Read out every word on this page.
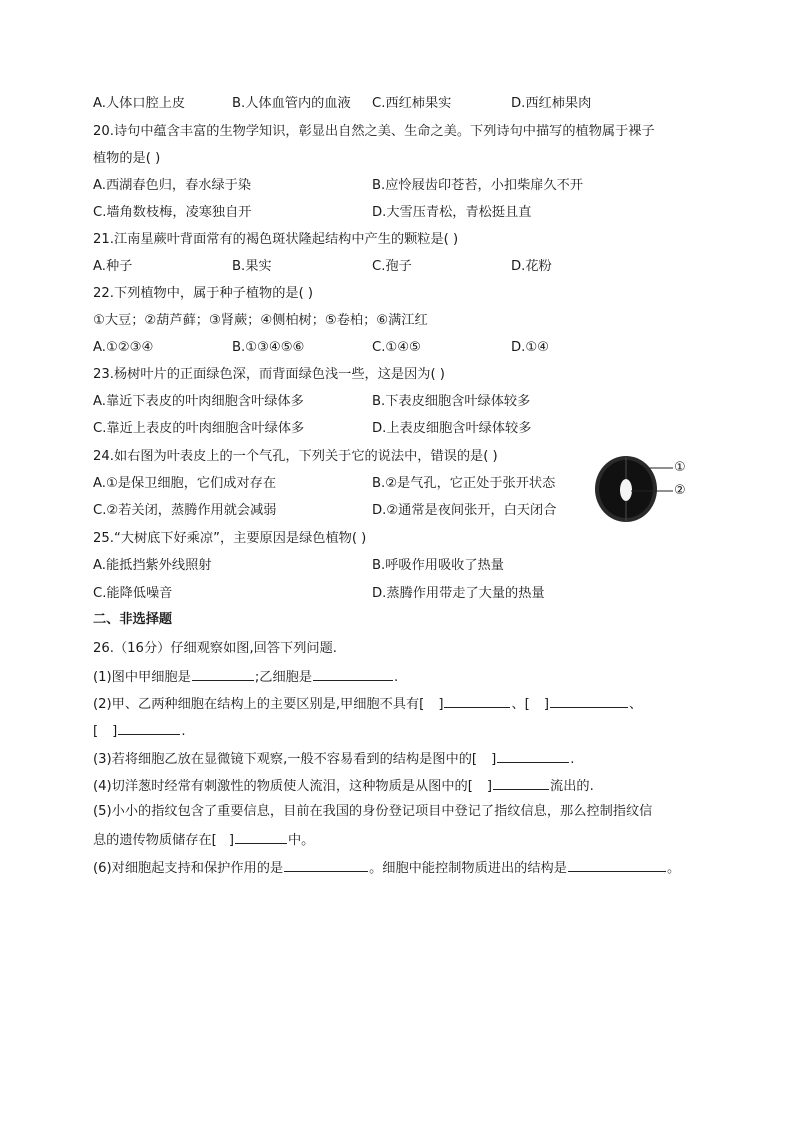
A.人体口腔上皮	B.人体血管内的血液 C.西红柿果实	D.西红柿果肉
20.诗句中蕴含丰富的生物学知识，彰显出自然之美、生命之美。下列诗句中描写的植物属于裸子
植物的是( )
A.西湖春色归，春水绿于染	B.应怜屐齿印苍苔，小扣柴扉久不开
C.墙角数枝梅，凌寒独自开	D.大雪压青松，青松挺且直
21.江南星蕨叶背面常有的褐色斑状隆起结构中产生的颗粒是( )
A.种子	B.果实	C.孢子	D.花粉
22.下列植物中，属于种子植物的是( )
①大豆；②葫芦藓；③肾蕨；④侧柏树；⑤卷柏；⑥满江红
A.①②③④	B.①③④⑤⑥	C.①④⑤	D.①④
23.杨树叶片的正面绿色深，而背面绿色浅一些，这是因为( )
A.靠近下表皮的叶肉细胞含叶绿体多	B.下表皮细胞含叶绿体较多
C.靠近上表皮的叶肉细胞含叶绿体多	D.上表皮细胞含叶绿体较多
24.如右图为叶表皮上的一个气孔，下列关于它的说法中，错误的是( )
A.①是保卫细胞，它们成对存在	B.②是气孔，它正处于张开状态
C.②若关闭，蒸腾作用就会减弱	D.②通常是夜间张开，白天闭合
①
②
25.“大树底下好乘凉”，主要原因是绿色植物( )
A.能抵挡紫外线照射	B.呼吸作用吸收了热量
C.能降低噪音	D.蒸腾作用带走了大量的热量
二、非选择题
26.（16分）仔细观察如图,回答下列问题.
(1)图中甲细胞是	;乙细胞是	.
(2)甲、乙两种细胞在结构上的主要区别是,甲细胞不具有[ ]	、[ ]	、
[ ]	.
(3)若将细胞乙放在显微镜下观察,一般不容易看到的结构是图中的[ ]	.
(4)切洋葱时经常有刺激性的物质使人流泪，这种物质是从图中的[ ]	流出的.
(5)小小的指纹包含了重要信息，目前在我国的身份登记项目中登记了指纹信息，那么控制指纹信
息的遗传物质储存在[ ]	中。
(6)对细胞起支持和保护作用的是	。细胞中能控制物质进出的结构是	。
